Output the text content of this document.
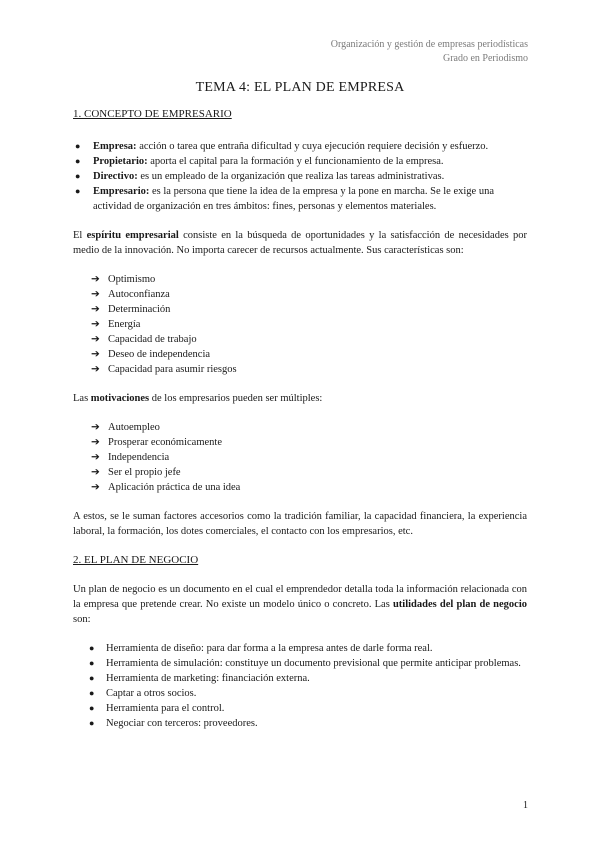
Organización y gestión de empresas periodísticas
Grado en Periodismo
TEMA 4: EL PLAN DE EMPRESA
1. CONCEPTO DE EMPRESARIO
● Empresa: acción o tarea que entraña dificultad y cuya ejecución requiere decisión y esfuerzo.
● Propietario: aporta el capital para la formación y el funcionamiento de la empresa.
● Directivo: es un empleado de la organización que realiza las tareas administrativas.
● Empresario: es la persona que tiene la idea de la empresa y la pone en marcha. Se le exige una actividad de organización en tres ámbitos: fines, personas y elementos materiales.

El espíritu empresarial consiste en la búsqueda de oportunidades y la satisfacción de necesidades por medio de la innovación. No importa carecer de recursos actualmente. Sus características son:

➔ Optimismo
➔ Autoconfianza
➔ Determinación
➔ Energía
➔ Capacidad de trabajo
➔ Deseo de independencia
➔ Capacidad para asumir riesgos

Las motivaciones de los empresarios pueden ser múltiples:

➔ Autoempleo
➔ Prosperar económicamente
➔ Independencia
➔ Ser el propio jefe
➔ Aplicación práctica de una idea

A estos, se le suman factores accesorios como la tradición familiar, la capacidad financiera, la experiencia laboral, la formación, los dotes comerciales, el contacto con los empresarios, etc.

2. EL PLAN DE NEGOCIO

Un plan de negocio es un documento en el cual el emprendedor detalla toda la información relacionada con la empresa que pretende crear. No existe un modelo único o concreto. Las utilidades del plan de negocio son:

● Herramienta de diseño: para dar forma a la empresa antes de darle forma real.
● Herramienta de simulación: constituye un documento previsional que permite anticipar problemas.
● Herramienta de marketing: financiación externa.
● Captar a otros socios.
● Herramienta para el control.
● Negociar con terceros: proveedores.
1
